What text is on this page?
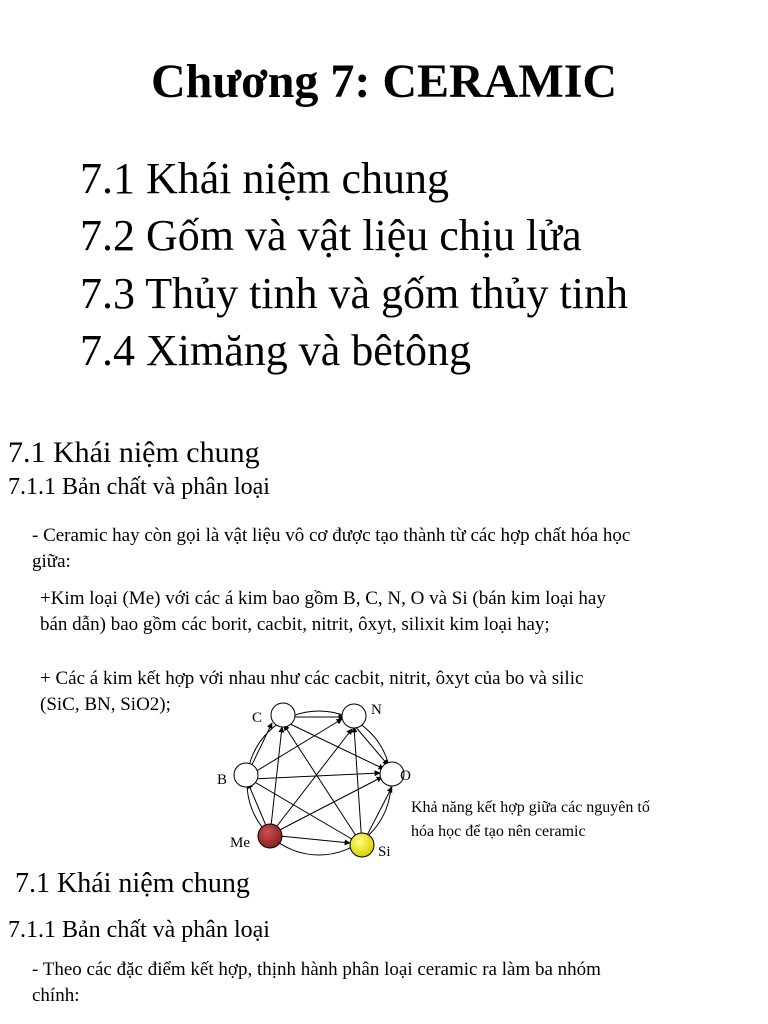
Chương 7: CERAMIC
7.1 Khái niệm chung
7.2 Gốm và vật liệu chịu lửa
7.3 Thủy tinh và gốm thủy tinh
7.4 Ximăng và bêtông
7.1 Khái niệm chung
7.1.1 Bản chất và phân loại
- Ceramic hay còn gọi là vật liệu vô cơ được tạo thành từ các hợp chất hóa học
giữa:
+Kim loại (Me) với các á kim bao gồm B, C, N, O và Si (bán kim loại hay
bán dẫn) bao gồm các borit, cacbit, nitrit, ôxyt, silixit kim loại hay;
+ Các á kim kết hợp với nhau như các cacbit, nitrit, ôxyt của bo và silic
(SiC, BN, SiO2);
C	N
B	O
Me
Si
Khả năng kết hợp giữa các nguyên tố
hóa học để tạo nên ceramic
7.1 Khái niệm chung
7.1.1 Bản chất và phân loại
- Theo các đặc điểm kết hợp, thịnh hành phân loại ceramic ra làm ba nhóm
chính:
